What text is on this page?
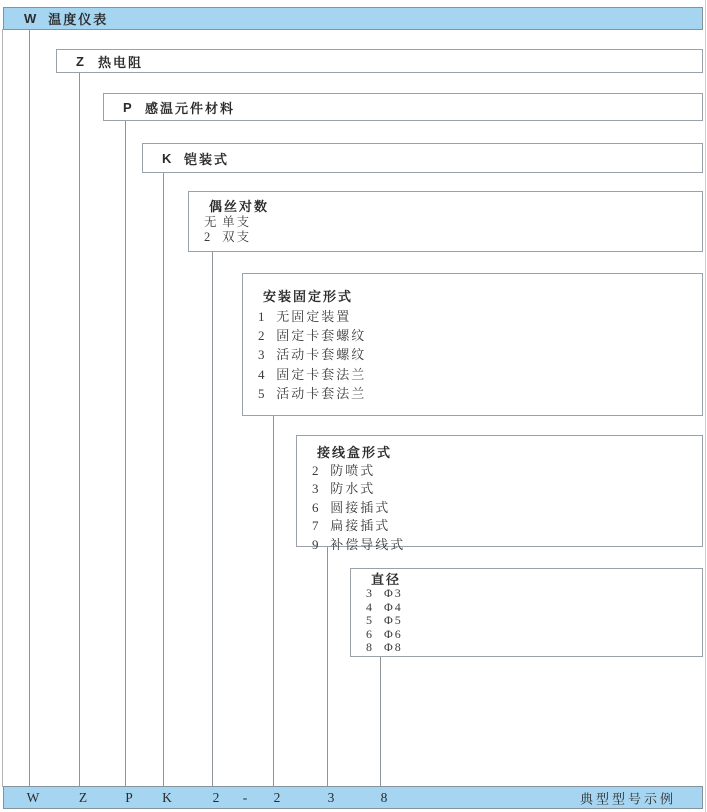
W 温度仪表
Z	热电阻
P 感温元件材料
K 铠装式
偶丝对数
无 单支
2 双支
安装固定形式
1 无固定装置
2 固定卡套螺纹
3 活动卡套螺纹
4 固定卡套法兰
5 活动卡套法兰
接线盒形式
2 防喷式
3 防水式
6 圆接插式
7 扁接插式
9 补偿导线式
直径
3 Φ3
4 Φ4
5 Φ5
6 Φ6
8 Φ8
W	Z	P K	2 - 2	3	8	典型型号示例
